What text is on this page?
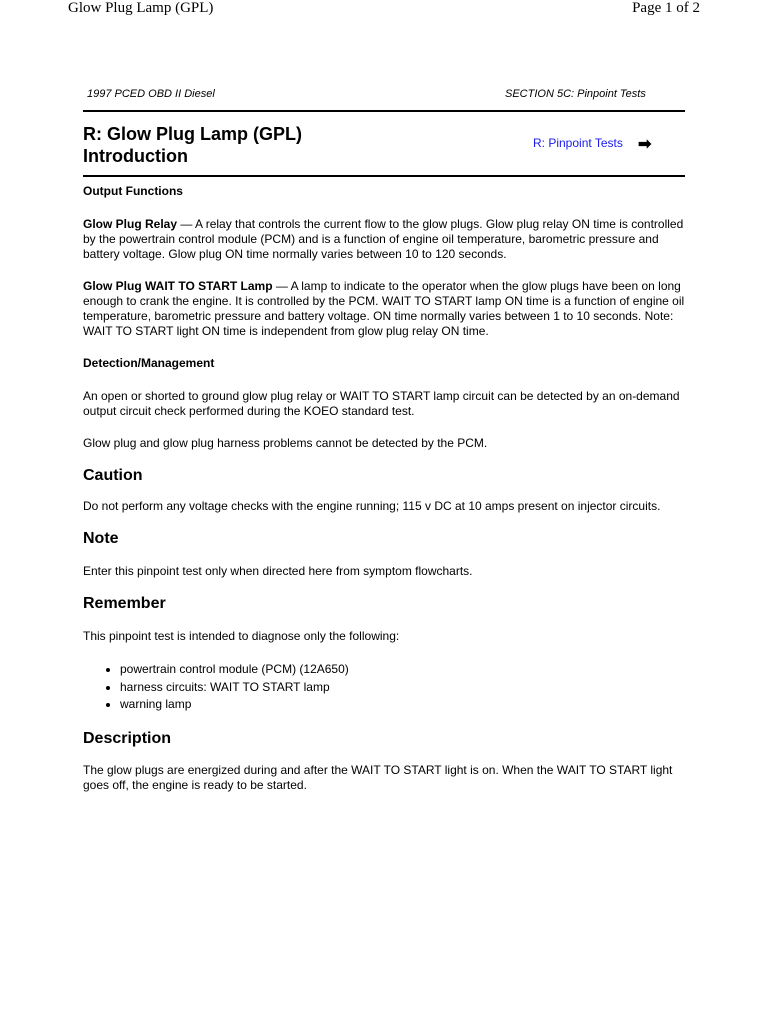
Glow Plug Lamp (GPL)	Page 1 of 2
1997 PCED OBD II Diesel	SECTION 5C: Pinpoint Tests
R: Glow Plug Lamp (GPL)
Introduction
R: Pinpoint Tests ➡
Output Functions

Glow Plug Relay — A relay that controls the current flow to the glow plugs. Glow plug relay ON time is controlled by the powertrain control module (PCM) and is a function of engine oil temperature, barometric pressure and battery voltage. Glow plug ON time normally varies between 10 to 120 seconds.

Glow Plug WAIT TO START Lamp — A lamp to indicate to the operator when the glow plugs have been on long enough to crank the engine. It is controlled by the PCM. WAIT TO START lamp ON time is a function of engine oil temperature, barometric pressure and battery voltage. ON time normally varies between 1 to 10 seconds. Note: WAIT TO START light ON time is independent from glow plug relay ON time.

Detection/Management

An open or shorted to ground glow plug relay or WAIT TO START lamp circuit can be detected by an on-demand output circuit check performed during the KOEO standard test.

Glow plug and glow plug harness problems cannot be detected by the PCM.

Caution

Do not perform any voltage checks with the engine running; 115 v DC at 10 amps present on injector circuits.

Note

Enter this pinpoint test only when directed here from symptom flowcharts.

Remember

This pinpoint test is intended to diagnose only the following:

• powertrain control module (PCM) (12A650)
• harness circuits: WAIT TO START lamp
• warning lamp
Description

The glow plugs are energized during and after the WAIT TO START light is on. When the WAIT TO START light goes off, the engine is ready to be started.
